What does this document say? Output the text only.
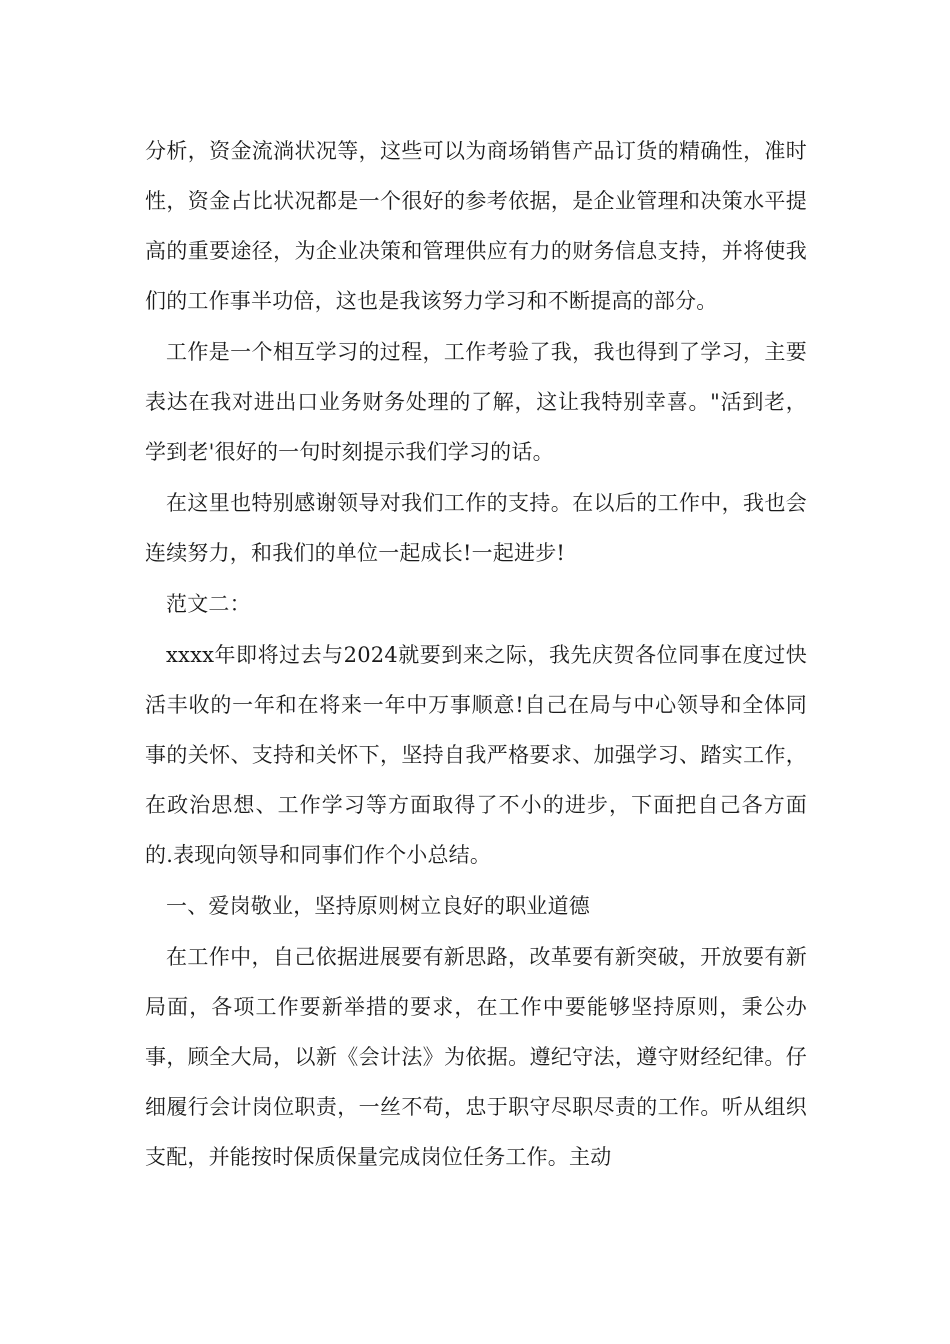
分析，资金流淌状况等，这些可以为商场销售产品订货的精确性，准时性，资金占比状况都是一个很好的参考依据，是企业管理和决策水平提高的重要途径，为企业决策和管理供应有力的财务信息支持，并将使我们的工作事半功倍，这也是我该努力学习和不断提高的部分。

工作是一个相互学习的过程，工作考验了我，我也得到了学习，主要表达在我对进出口业务财务处理的了解，这让我特别幸喜。"活到老，学到老'很好的一句时刻提示我们学习的话。

在这里也特别感谢领导对我们工作的支持。在以后的工作中，我也会连续努力，和我们的单位一起成长!一起进步!

范文二：

xxxx年即将过去与2024就要到来之际，我先庆贺各位同事在度过快活丰收的一年和在将来一年中万事顺意!自己在局与中心领导和全体同事的关怀、支持和关怀下，坚持自我严格要求、加强学习、踏实工作，在政治思想、工作学习等方面取得了不小的进步，下面把自己各方面的.表现向领导和同事们作个小总结。

一、爱岗敬业，坚持原则树立良好的职业道德

在工作中，自己依据进展要有新思路，改革要有新突破，开放要有新局面，各项工作要新举措的要求，在工作中要能够坚持原则，秉公办事，顾全大局，以新《会计法》为依据。遵纪守法，遵守财经纪律。仔细履行会计岗位职责，一丝不苟，忠于职守尽职尽责的工作。听从组织支配，并能按时保质保量完成岗位任务工作。主动
